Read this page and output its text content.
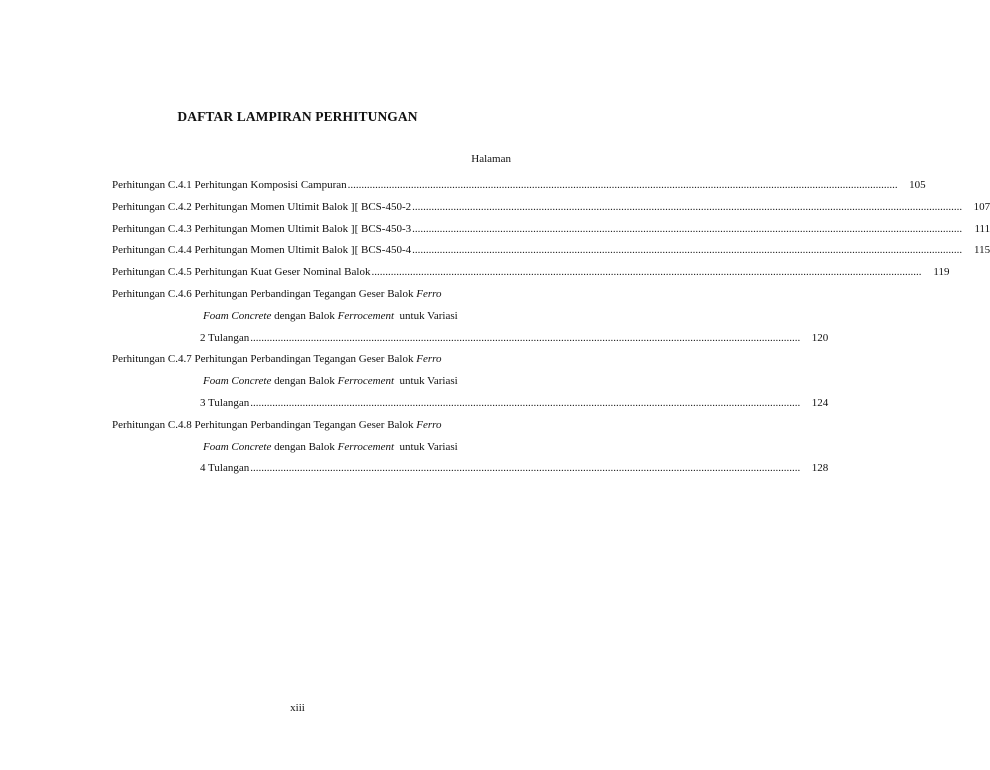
DAFTAR LAMPIRAN PERHITUNGAN
Halaman
Perhitungan C.4.1 Perhitungan Komposisi Campuran ........................................................................................................................................................................................................	105
Perhitungan C.4.2 Perhitungan Momen Ultimit Balok ][ BCS-450-2 ........................................................................................................................................................................................................	107
Perhitungan C.4.3 Perhitungan Momen Ultimit Balok ][ BCS-450-3 ........................................................................................................................................................................................................	111
Perhitungan C.4.4 Perhitungan Momen Ultimit Balok ][ BCS-450-4 ........................................................................................................................................................................................................	115
Perhitungan C.4.5 Perhitungan Kuat Geser Nominal Balok ........................................................................................................................................................................................................	119
Perhitungan C.4.6 Perhitungan Perbandingan Tegangan Geser Balok Ferro
Foam Concrete dengan Balok Ferrocement untuk Variasi
2 Tulangan ........................................................................................................................................................................................................	120
Perhitungan C.4.7 Perhitungan Perbandingan Tegangan Geser Balok Ferro
Foam Concrete dengan Balok Ferrocement untuk Variasi
3 Tulangan ........................................................................................................................................................................................................	124
Perhitungan C.4.8 Perhitungan Perbandingan Tegangan Geser Balok Ferro
Foam Concrete dengan Balok Ferrocement untuk Variasi
4 Tulangan ........................................................................................................................................................................................................	128
xiii
